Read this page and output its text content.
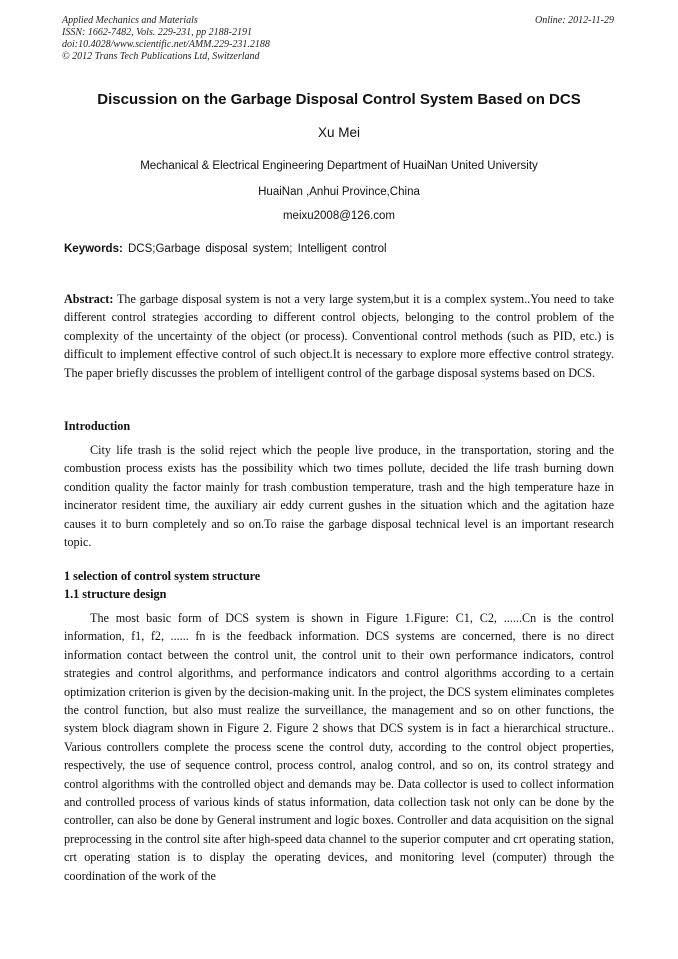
Applied Mechanics and Materials
ISSN: 1662-7482, Vols. 229-231, pp 2188-2191
doi:10.4028/www.scientific.net/AMM.229-231.2188
© 2012 Trans Tech Publications Ltd, Switzerland
Online: 2012-11-29
Discussion on the Garbage Disposal Control System Based on DCS
Xu Mei
Mechanical & Electrical Engineering Department of HuaiNan United University
HuaiNan ,Anhui Province,China
meixu2008@126.com
Keywords: DCS;Garbage disposal system; Intelligent control
Abstract: The garbage disposal system is not a very large system,but it is a complex system..You need to take different control strategies according to different control objects, belonging to the control problem of the complexity of the uncertainty of the object (or process). Conventional control methods (such as PID, etc.) is difficult to implement effective control of such object.It is necessary to explore more effective control strategy. The paper briefly discusses the problem of intelligent control of the garbage disposal systems based on DCS.
Introduction
City life trash is the solid reject which the people live produce, in the transportation, storing and the combustion process exists has the possibility which two times pollute, decided the life trash burning down condition quality the factor mainly for trash combustion temperature, trash and the high temperature haze in incinerator resident time, the auxiliary air eddy current gushes in the situation which and the agitation haze causes it to burn completely and so on.To raise the garbage disposal technical level is an important research topic.
1 selection of control system structure
1.1 structure design
The most basic form of DCS system is shown in Figure 1.Figure: C1, C2, ......Cn is the control information, f1, f2, ...... fn is the feedback information. DCS systems are concerned, there is no direct information contact between the control unit, the control unit to their own performance indicators, control strategies and control algorithms, and performance indicators and control algorithms according to a certain optimization criterion is given by the decision-making unit. In the project, the DCS system eliminates completes the control function, but also must realize the surveillance, the management and so on other functions, the system block diagram shown in Figure 2. Figure 2 shows that DCS system is in fact a hierarchical structure.. Various controllers complete the process scene the control duty, according to the control object properties, respectively, the use of sequence control, process control, analog control, and so on, its control strategy and control algorithms with the controlled object and demands may be. Data collector is used to collect information and controlled process of various kinds of status information, data collection task not only can be done by the controller, can also be done by General instrument and logic boxes. Controller and data acquisition on the signal preprocessing in the control site after high-speed data channel to the superior computer and crt operating station, crt operating station is to display the operating devices, and monitoring level (computer) through the coordination of the work of the
